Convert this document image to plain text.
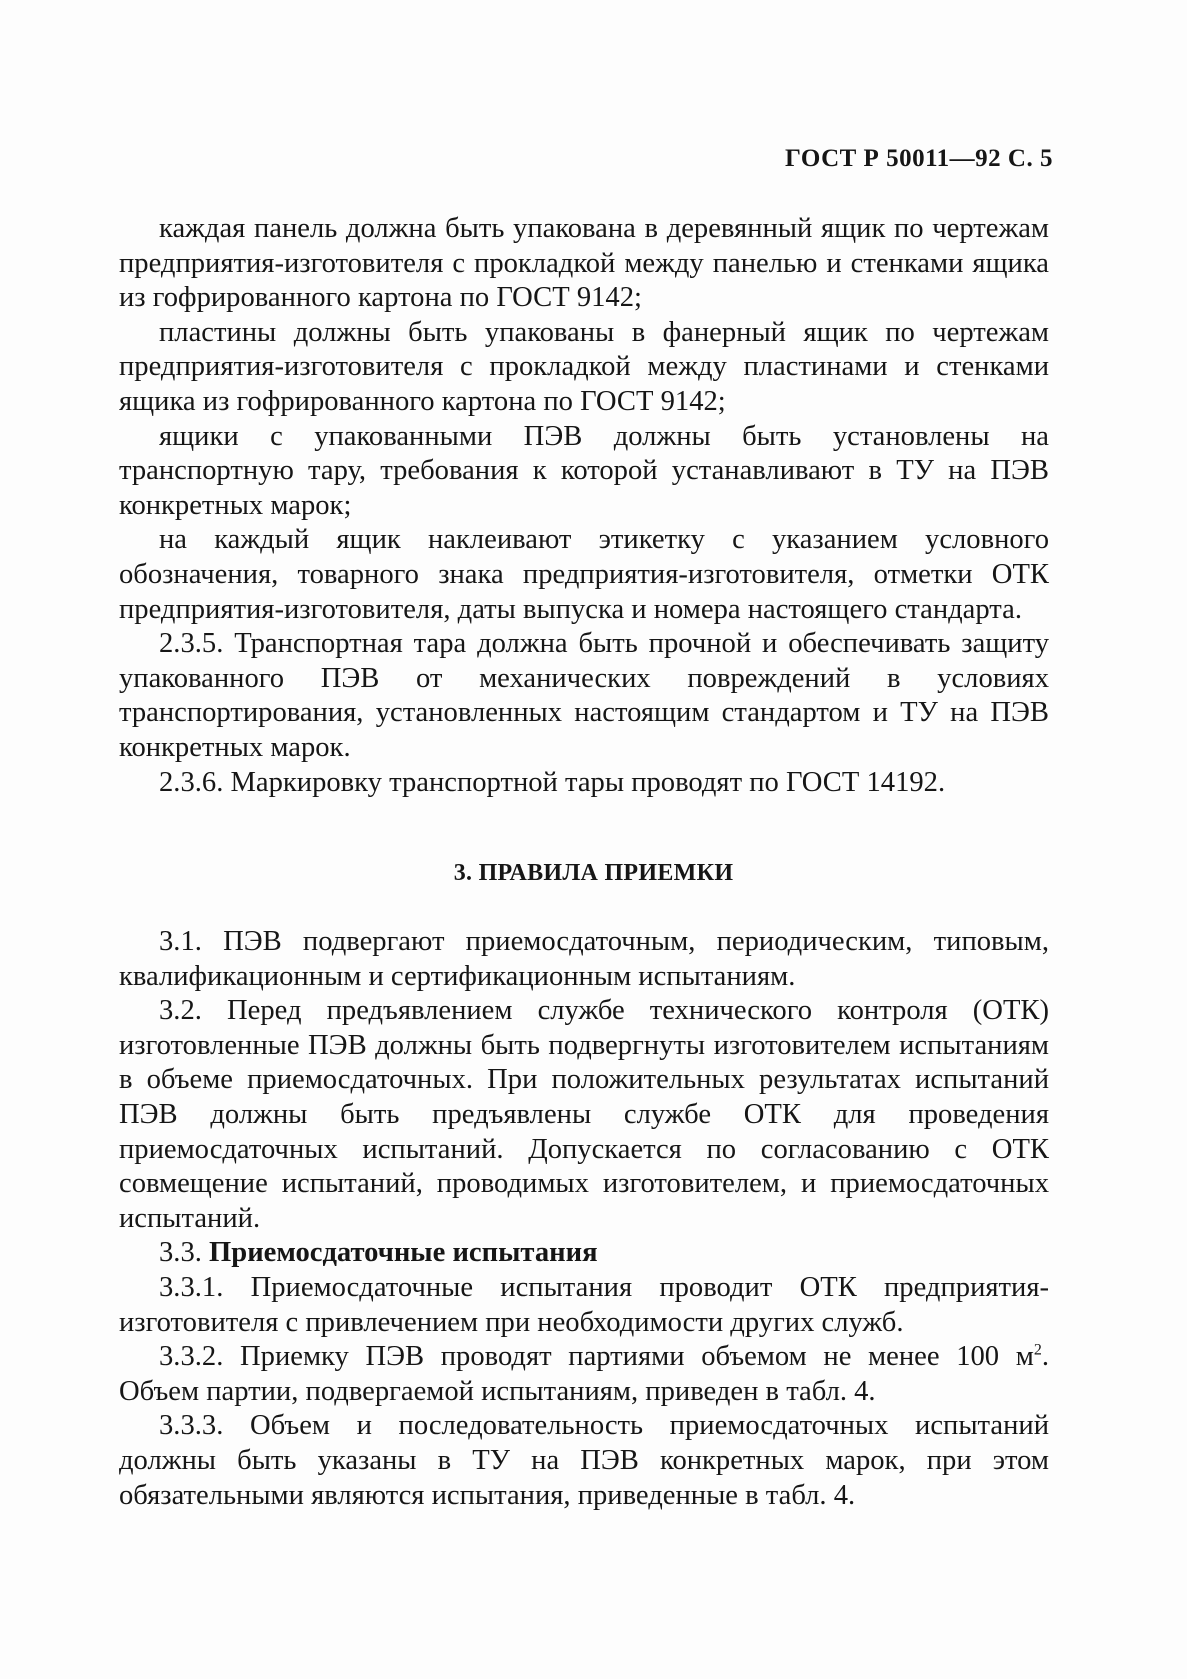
ГОСТ Р 50011—92 С. 5

каждая панель должна быть упакована в деревянный ящик по чертежам предприятия-изготовителя с прокладкой между панелью и стенками ящика из гофрированного картона по ГОСТ 9142;

пластины должны быть упакованы в фанерный ящик по чертежам предприятия-изготовителя с прокладкой между пластинами и стенками ящика из гофрированного картона по ГОСТ 9142;

ящики с упакованными ПЭВ должны быть установлены на транспортную тару, требования к которой устанавливают в ТУ на ПЭВ конкретных марок;

на каждый ящик наклеивают этикетку с указанием условного обозначения, товарного знака предприятия-изготовителя, отметки ОТК предприятия-изготовителя, даты выпуска и номера настоящего стандарта.

2.3.5. Транспортная тара должна быть прочной и обеспечивать защиту упакованного ПЭВ от механических повреждений в условиях транспортирования, установленных настоящим стандартом и ТУ на ПЭВ конкретных марок.

2.3.6. Маркировку транспортной тары проводят по ГОСТ 14192.

3. ПРАВИЛА ПРИЕМКИ

3.1. ПЭВ подвергают приемосдаточным, периодическим, типовым, квалификационным и сертификационным испытаниям.

3.2. Перед предъявлением службе технического контроля (ОТК) изготовленные ПЭВ должны быть подвергнуты изготовителем испытаниям в объеме приемосдаточных. При положительных результатах испытаний ПЭВ должны быть предъявлены службе ОТК для проведения приемосдаточных испытаний. Допускается по согласованию с ОТК совмещение испытаний, проводимых изготовителем, и приемосдаточных испытаний.

3.3. Приемосдаточные испытания

3.3.1. Приемосдаточные испытания проводит ОТК предприятия-изготовителя с привлечением при необходимости других служб.

3.3.2. Приемку ПЭВ проводят партиями объемом не менее 100 $м^2$. Объем партии, подвергаемой испытаниям, приведен в табл. 4.

3.3.3. Объем и последовательность приемосдаточных испытаний должны быть указаны в ТУ на ПЭВ конкретных марок, при этом обязательными являются испытания, приведенные в табл. 4.
